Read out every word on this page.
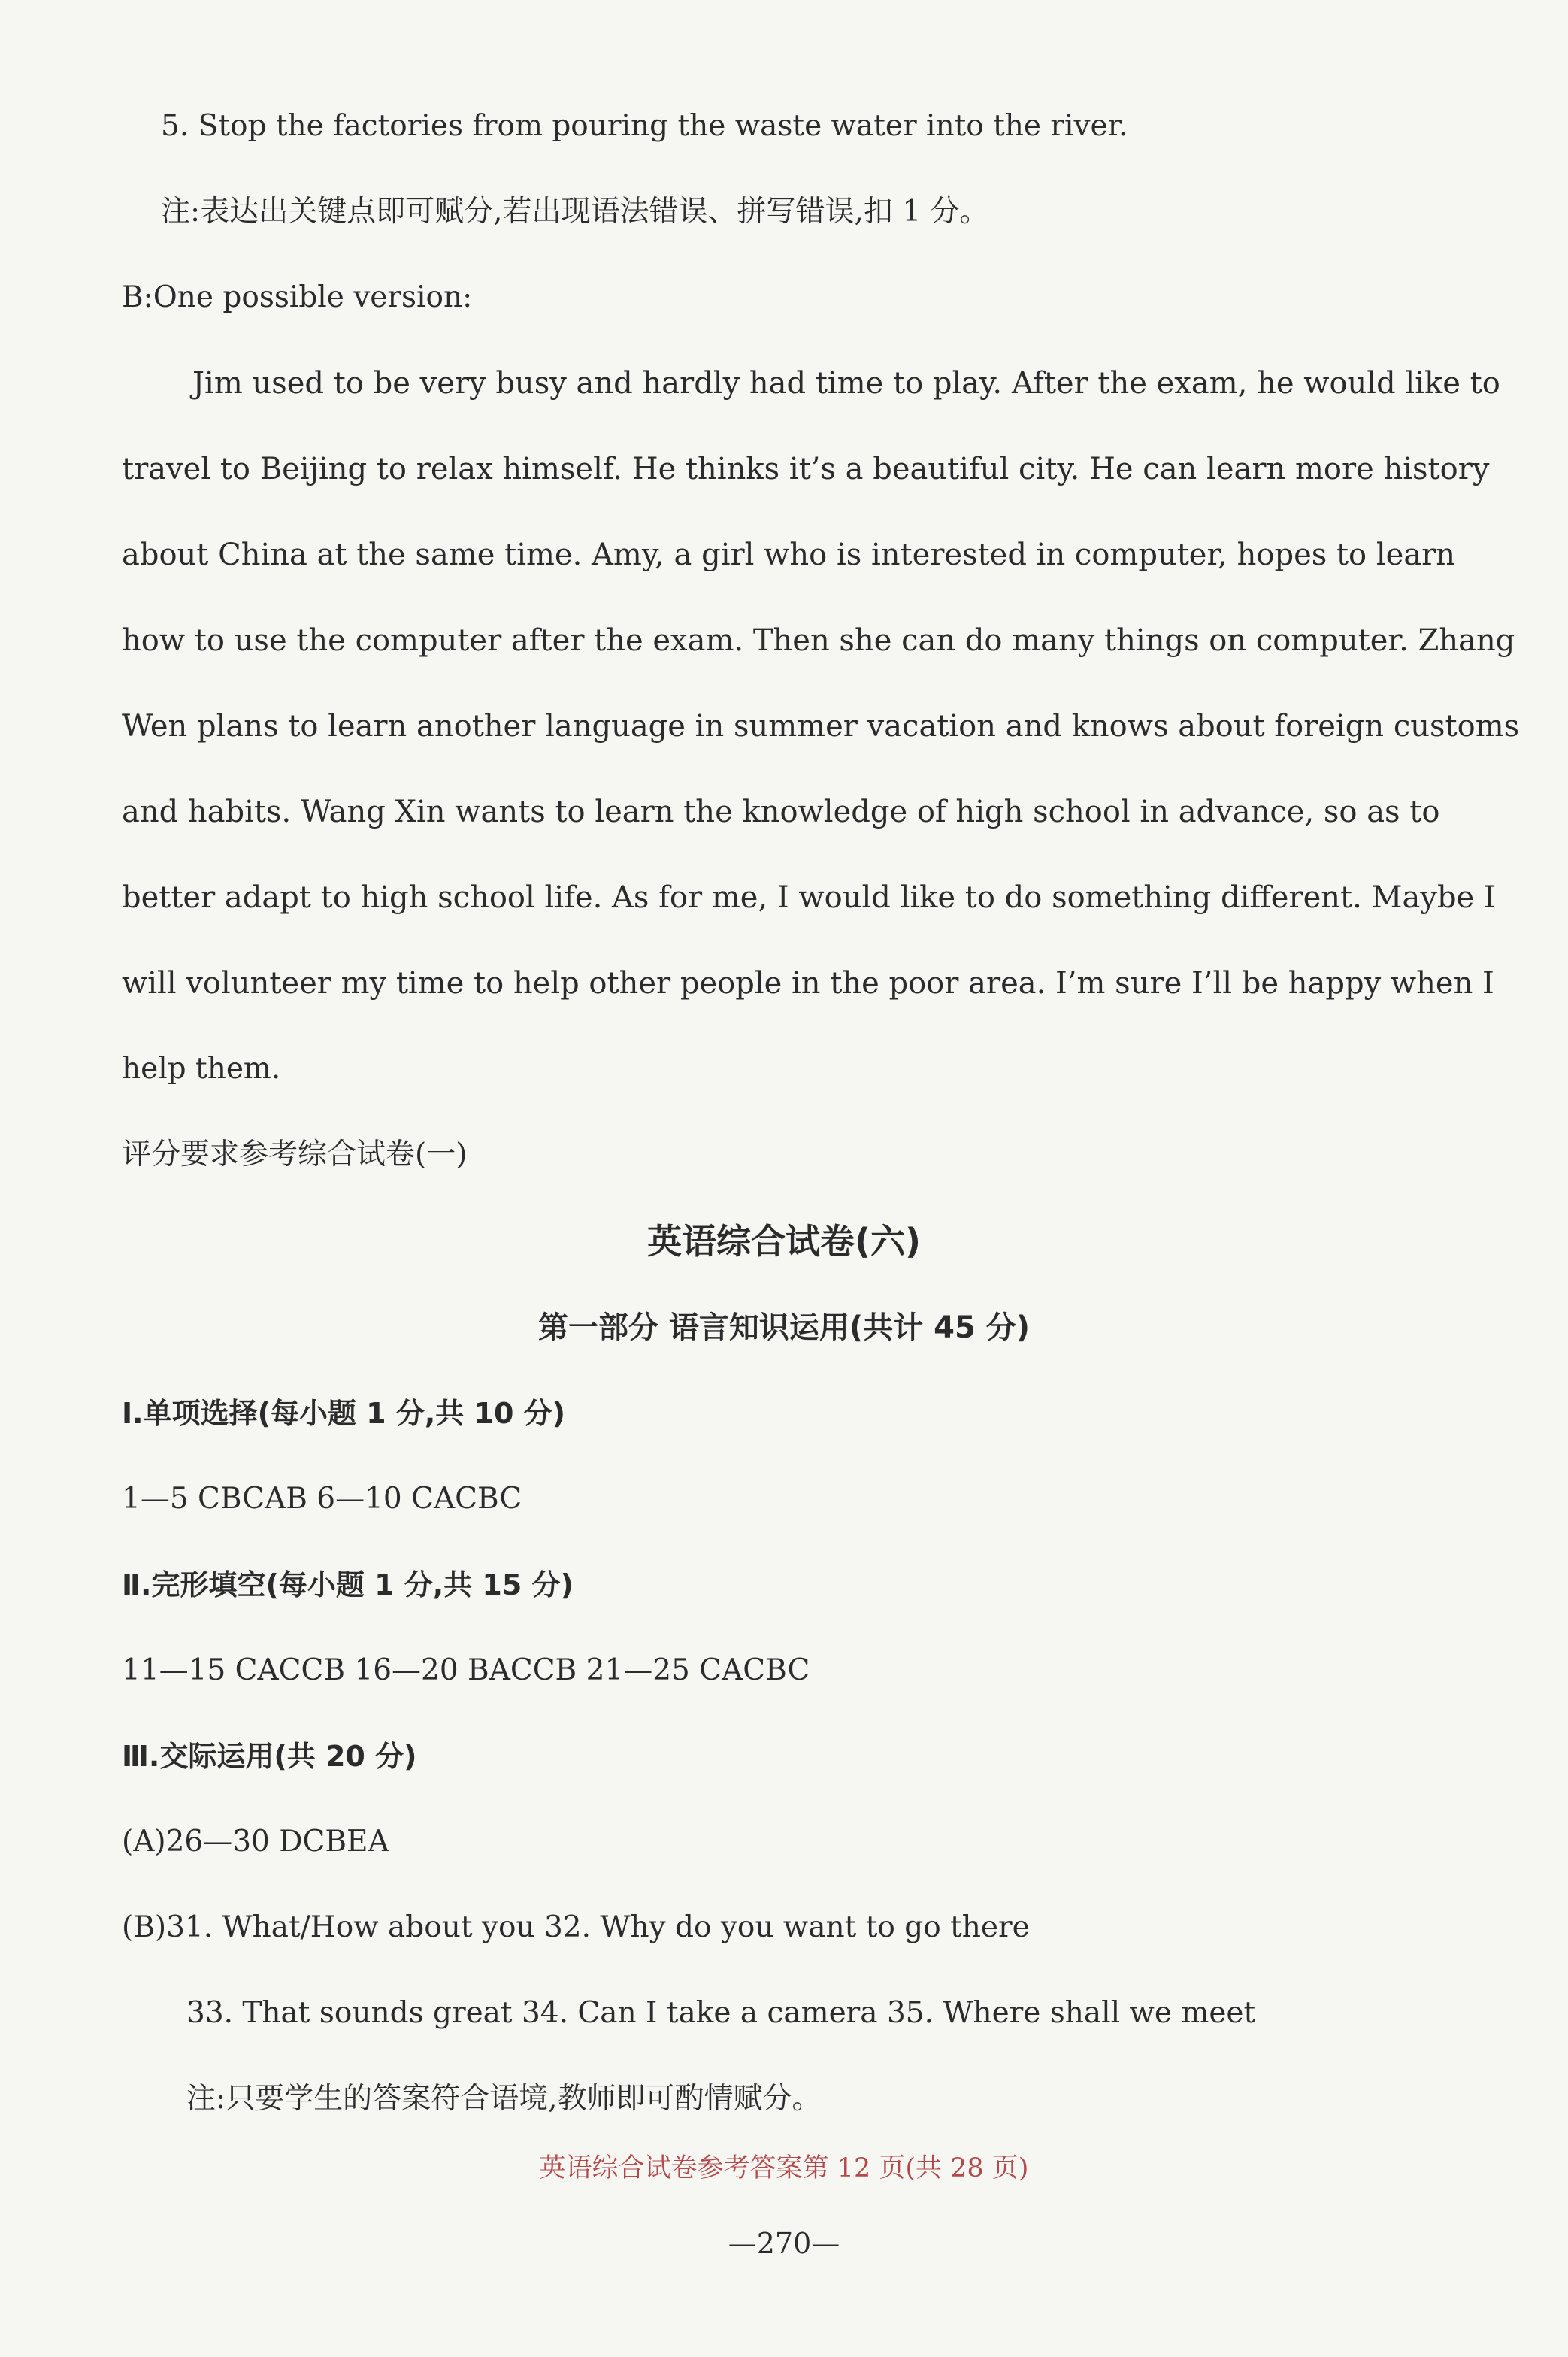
5. Stop the factories from pouring the waste water into the river.
注:表达出关键点即可赋分,若出现语法错误、拼写错误,扣 1 分。
B:One possible version:
Jim used to be very busy and hardly had time to play. After the exam, he would like to
travel to Beijing to relax himself. He thinks it’s a beautiful city. He can learn more history
about China at the same time. Amy, a girl who is interested in computer, hopes to learn
how to use the computer after the exam. Then she can do many things on computer. Zhang
Wen plans to learn another language in summer vacation and knows about foreign customs
and habits. Wang Xin wants to learn the knowledge of high school in advance, so as to
better adapt to high school life. As for me, I would like to do something different. Maybe I
will volunteer my time to help other people in the poor area. I’m sure I’ll be happy when I
help them.
评分要求参考综合试卷(一)
英语综合试卷(六)
第一部分 语言知识运用(共计 45 分)
Ⅰ.单项选择(每小题 1 分,共 10 分)
1—5 CBCAB 6—10 CACBC
Ⅱ.完形填空(每小题 1 分,共 15 分)
11—15 CACCB 16—20 BACCB 21—25 CACBC
Ⅲ.交际运用(共 20 分)
(A)26—30 DCBEA
(B)31. What/How about you 32. Why do you want to go there
33. That sounds great 34. Can I take a camera 35. Where shall we meet
注:只要学生的答案符合语境,教师即可酌情赋分。
英语综合试卷参考答案第 12 页(共 28 页)
—270—
